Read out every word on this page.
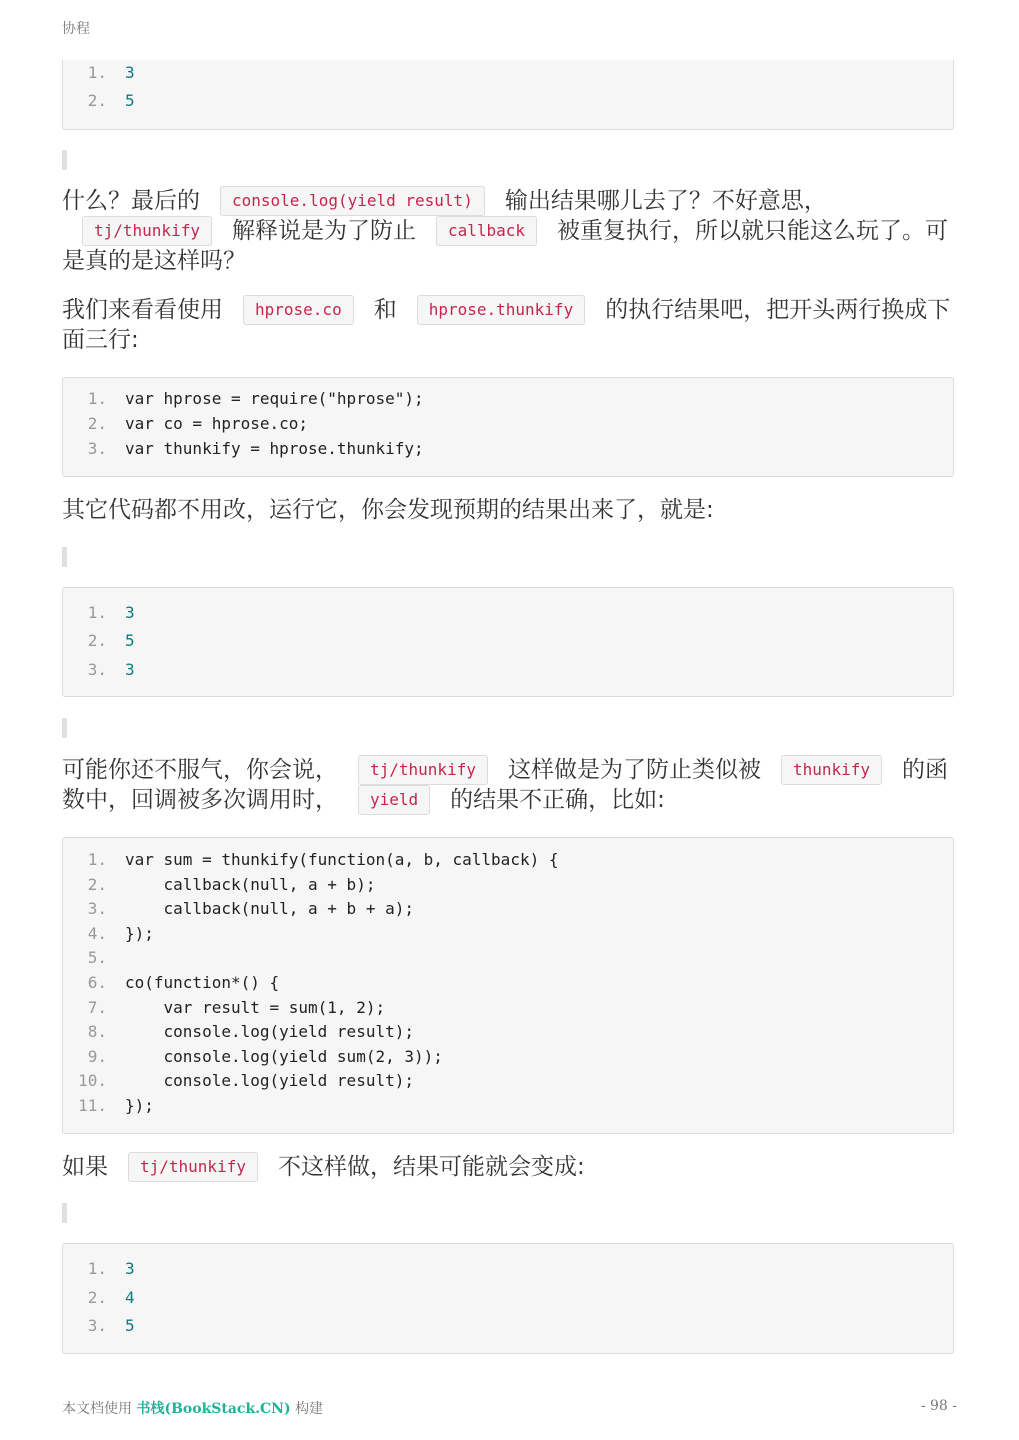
协程
1. 3
2. 5
什么？最后的 console.log(yield result) 输出结果哪儿去了？不好意思，tj/thunkify 解释说是为了防止 callback 被重复执行，所以就只能这么玩了。可是真的是这样吗？
我们来看看使用 hprose.co 和 hprose.thunkify 的执行结果吧，把开头两行换成下面三行:
1. var hprose = require("hprose");
2. var co = hprose.co;
3. var thunkify = hprose.thunkify;
其它代码都不用改，运行它，你会发现预期的结果出来了，就是:
1. 3
2. 5
3. 3
可能你还不服气，你会说， tj/thunkify 这样做是为了防止类似被 thunkify 的函数中，回调被多次调用时， yield 的结果不正确，比如:
1. var sum = thunkify(function(a, b, callback) {
2. callback(null, a + b);
3. callback(null, a + b + a);
4. });
5.
6. co(function*() {
7. var result = sum(1, 2);
8. console.log(yield result);
9. console.log(yield sum(2, 3));
10. console.log(yield result);
11. });
如果 tj/thunkify 不这样做，结果可能就会变成:
1. 3
2. 4
3. 5
本文档使用 书栈(BookStack.CN) 构建	- 98 -
